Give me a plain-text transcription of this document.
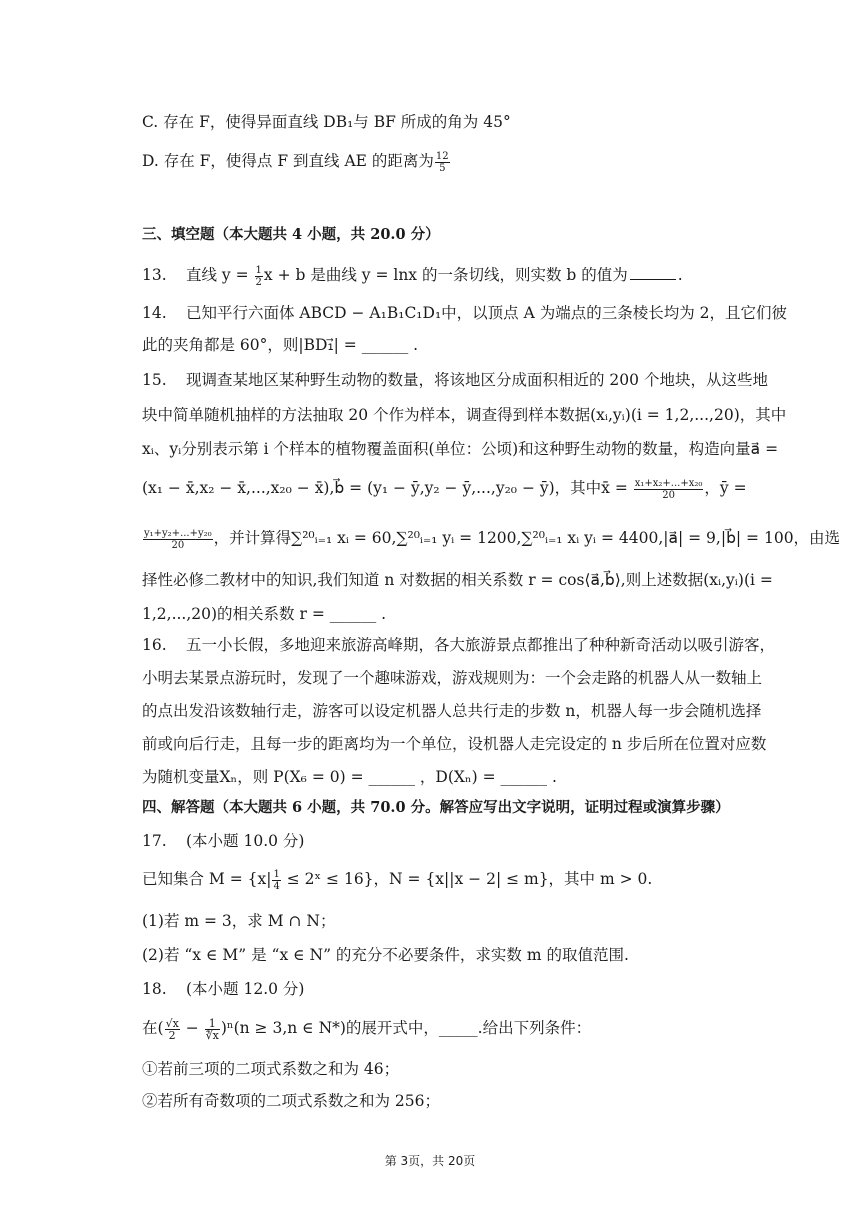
C. 存在 F，使得异面直线 DB₁与 BF 所成的角为 45°
D. 存在 F，使得点 F 到直线 AE 的距离为 $\frac{12}{5}$
三、填空题（本大题共 4 小题，共 20.0 分）
13. 直线 $y = \frac{1}{2}$ x + b 是曲线 y = lnx 的一条切线，则实数 b 的值为	.
14. 已知平行六面体 ABCD − A₁B₁C₁D₁中，以顶点 A 为端点的三条棱长均为 2，且它们彼
此的夹角都是 60°，则|BD₁⃗| = ______ .
15. 现调查某地区某种野生动物的数量，将该地区分成面积相近的 200 个地块，从这些地
块中简单随机抽样的方法抽取 20 个作为样本，调查得到样本数据(xᵢ,yᵢ)(i = 1,2,...,20)，其中
xᵢ、yᵢ分别表示第 i 个样本的植物覆盖面积(单位：公顷)和这种野生动物的数量，构造向量a⃗ =
(x₁ − x̄,x₂ − x̄,...,x₂₀ − x̄),b⃗ = (y₁ − ȳ,y₂ − ȳ,...,y₂₀ − ȳ)，其中x̄ = $\frac{\text{x₁+x₂+...+x₂₀}}{20}$ ，ȳ =
$\frac{\text{y₁+y₂+...+y₂₀}}{20}$ ，并计算得∑²⁰ᵢ₌₁ xᵢ = 60,∑²⁰ᵢ₌₁ yᵢ = 1200,∑²⁰ᵢ₌₁ xᵢ yᵢ = 4400,|a⃗| = 9,|b⃗| = 100，由选
择性必修二教材中的知识,我们知道 n 对数据的相关系数 r = cos⟨a⃗,b⃗⟩,则上述数据(xᵢ,yᵢ)(i =
1,2,...,20)的相关系数 r = ______ .
16. 五一小长假，多地迎来旅游高峰期，各大旅游景点都推出了种种新奇活动以吸引游客，
小明去某景点游玩时，发现了一个趣味游戏，游戏规则为：一个会走路的机器人从一数轴上
的点出发沿该数轴行走，游客可以设定机器人总共行走的步数 n，机器人每一步会随机选择
前或向后行走，且每一步的距离均为一个单位，设机器人走完设定的 n 步后所在位置对应数
为随机变量Xₙ，则 P(X₆ = 0) = ______ ，D(Xₙ) = ______ .
四、解答题（本大题共 6 小题，共 70.0 分。解答应写出文字说明，证明过程或演算步骤）
17. (本小题 10.0 分)
已知集合 $M = \{x| \frac{1}{4}$ ≤ 2ˣ ≤ 16}，N = {x||x − 2| ≤ m}，其中 m > 0.
(1)若 m = 3，求 M ∩ N；
(2)若 “x ∈ M” 是 “x ∈ N” 的充分不必要条件，求实数 m 的取值范围.
18. (本小题 12.0 分)
在( $\frac{√x}{2} - \frac{1}{∜x} )^n(n \ge 3,n$ ∈ N*)的展开式中，_____.给出下列条件：
①若前三项的二项式系数之和为 46；
②若所有奇数项的二项式系数之和为 256；
第 3页，共 20页
